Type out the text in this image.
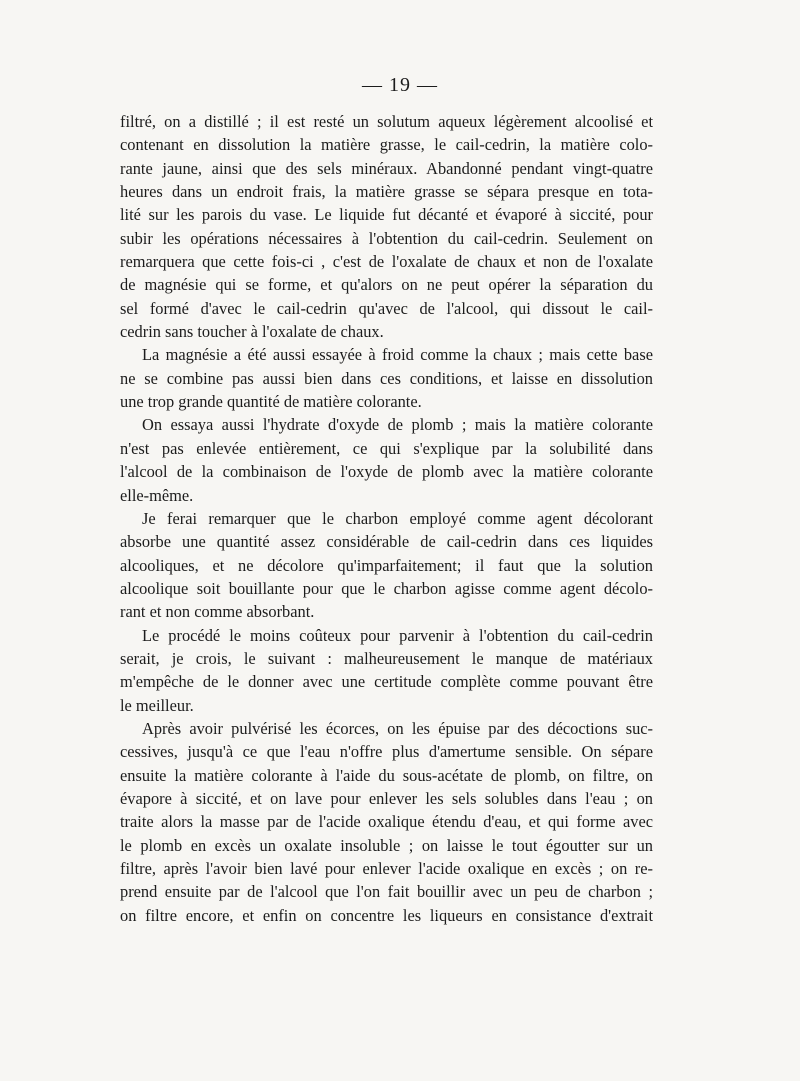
— 19 —
filtré, on a distillé ; il est resté un solutum aqueux légèrement alcoolisé et
contenant en dissolution la matière grasse, le cail-cedrin, la matière colo-
rante jaune, ainsi que des sels minéraux. Abandonné pendant vingt-quatre
heures dans un endroit frais, la matière grasse se sépara presque en tota-
lité sur les parois du vase. Le liquide fut décanté et évaporé à siccité, pour
subir les opérations nécessaires à l'obtention du cail-cedrin. Seulement on
remarquera que cette fois-ci , c'est de l'oxalate de chaux et non de l'oxalate
de magnésie qui se forme, et qu'alors on ne peut opérer la séparation du
sel formé d'avec le cail-cedrin qu'avec de l'alcool, qui dissout le cail-
cedrin sans toucher à l'oxalate de chaux.
La magnésie a été aussi essayée à froid comme la chaux ; mais cette base
ne se combine pas aussi bien dans ces conditions, et laisse en dissolution
une trop grande quantité de matière colorante.
On essaya aussi l'hydrate d'oxyde de plomb ; mais la matière colorante
n'est pas enlevée entièrement, ce qui s'explique par la solubilité dans
l'alcool de la combinaison de l'oxyde de plomb avec la matière colorante
elle-même.
Je ferai remarquer que le charbon employé comme agent décolorant
absorbe une quantité assez considérable de cail-cedrin dans ces liquides
alcooliques, et ne décolore qu'imparfaitement; il faut que la solution
alcoolique soit bouillante pour que le charbon agisse comme agent décolo-
rant et non comme absorbant.
Le procédé le moins coûteux pour parvenir à l'obtention du cail-cedrin
serait, je crois, le suivant : malheureusement le manque de matériaux
m'empêche de le donner avec une certitude complète comme pouvant être
le meilleur.
Après avoir pulvérisé les écorces, on les épuise par des décoctions suc-
cessives, jusqu'à ce que l'eau n'offre plus d'amertume sensible. On sépare
ensuite la matière colorante à l'aide du sous-acétate de plomb, on filtre, on
évapore à siccité, et on lave pour enlever les sels solubles dans l'eau ; on
traite alors la masse par de l'acide oxalique étendu d'eau, et qui forme avec
le plomb en excès un oxalate insoluble ; on laisse le tout égoutter sur un
filtre, après l'avoir bien lavé pour enlever l'acide oxalique en excès ; on re-
prend ensuite par de l'alcool que l'on fait bouillir avec un peu de charbon ;
on filtre encore, et enfin on concentre les liqueurs en consistance d'extrait
